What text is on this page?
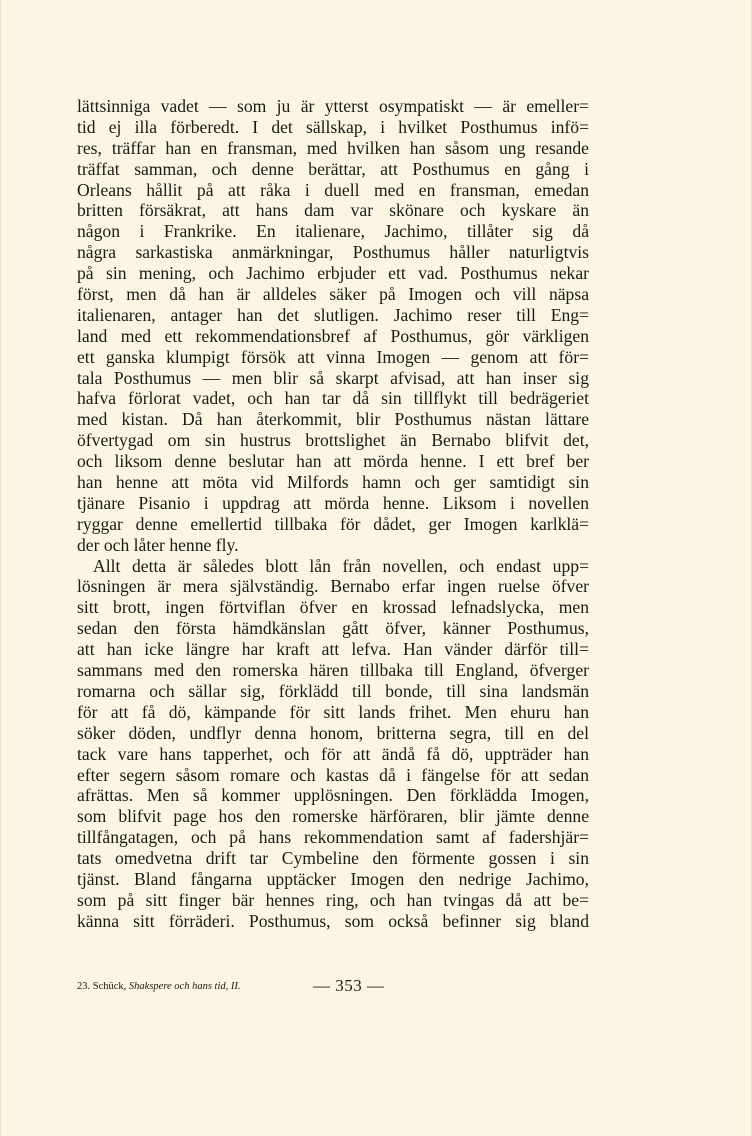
lättsinniga vadet — som ju är ytterst osympatiskt — är emeller=
tid ej illa förberedt. I det sällskap, i hvilket Posthumus infö=
res, träffar han en fransman, med hvilken han såsom ung resande
träffat samman, och denne berättar, att Posthumus en gång i
Orleans hållit på att råka i duell med en fransman, emedan
britten försäkrat, att hans dam var skönare och kyskare än
någon i Frankrike. En italienare, Jachimo, tillåter sig då
några sarkastiska anmärkningar, Posthumus håller naturligtvis
på sin mening, och Jachimo erbjuder ett vad. Posthumus nekar
först, men då han är alldeles säker på Imogen och vill näpsa
italienaren, antager han det slutligen. Jachimo reser till Eng=
land med ett rekommendationsbref af Posthumus, gör värkligen
ett ganska klumpigt försök att vinna Imogen — genom att för=
tala Posthumus — men blir så skarpt afvisad, att han inser sig
hafva förlorat vadet, och han tar då sin tillflykt till bedrägeriet
med kistan. Då han återkommit, blir Posthumus nästan lättare
öfvertygad om sin hustrus brottslighet än Bernabo blifvit det,
och liksom denne beslutar han att mörda henne. I ett bref ber
han henne att möta vid Milfords hamn och ger samtidigt sin
tjänare Pisanio i uppdrag att mörda henne. Liksom i novellen
ryggar denne emellertid tillbaka för dådet, ger Imogen karlklä=
der och låter henne fly.
Allt detta är således blott lån från novellen, och endast upp=
lösningen är mera självständig. Bernabo erfar ingen ruelse öfver
sitt brott, ingen förtviflan öfver en krossad lefnadslycka, men
sedan den första hämdkänslan gått öfver, känner Posthumus,
att han icke längre har kraft att lefva. Han vänder därför till=
sammans med den romerska hären tillbaka till England, öfverger
romarna och sällar sig, förklädd till bonde, till sina landsmän
för att få dö, kämpande för sitt lands frihet. Men ehuru han
söker döden, undflyr denna honom, britterna segra, till en del
tack vare hans tapperhet, och för att ändå få dö, uppträder han
efter segern såsom romare och kastas då i fängelse för att sedan
afrättas. Men så kommer upplösningen. Den förklädda Imogen,
som blifvit page hos den romerske härföraren, blir jämte denne
tillfångatagen, och på hans rekommendation samt af fadershjär=
tats omedvetna drift tar Cymbeline den förmente gossen i sin
tjänst. Bland fångarna upptäcker Imogen den nedrige Jachimo,
som på sitt finger bär hennes ring, och han tvingas då att be=
känna sitt förräderi. Posthumus, som också befinner sig bland
23. Schück, Shakspere och hans tid, II.	— 353 —
